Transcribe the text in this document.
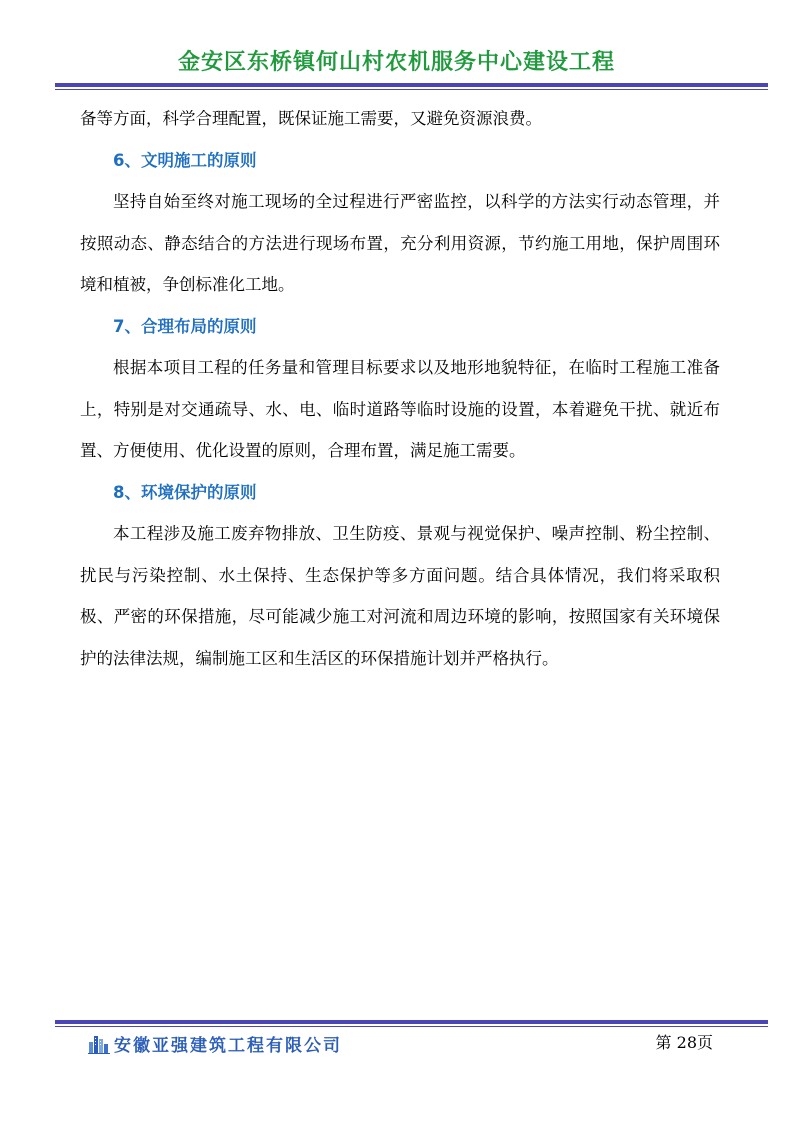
金安区东桥镇何山村农机服务中心建设工程

备等方面，科学合理配置，既保证施工需要，又避免资源浪费。

6、文明施工的原则

坚持自始至终对施工现场的全过程进行严密监控，以科学的方法实行动态管理，并按照动态、静态结合的方法进行现场布置，充分利用资源，节约施工用地，保护周围环境和植被，争创标准化工地。

7、合理布局的原则

根据本项目工程的任务量和管理目标要求以及地形地貌特征，在临时工程施工准备上，特别是对交通疏导、水、电、临时道路等临时设施的设置，本着避免干扰、就近布置、方便使用、优化设置的原则，合理布置，满足施工需要。

8、环境保护的原则

本工程涉及施工废弃物排放、卫生防疫、景观与视觉保护、噪声控制、粉尘控制、扰民与污染控制、水土保持、生态保护等多方面问题。结合具体情况，我们将采取积极、严密的环保措施，尽可能减少施工对河流和周边环境的影响，按照国家有关环境保护的法律法规，编制施工区和生活区的环保措施计划并严格执行。

安徽亚强建筑工程有限公司	第 28页
